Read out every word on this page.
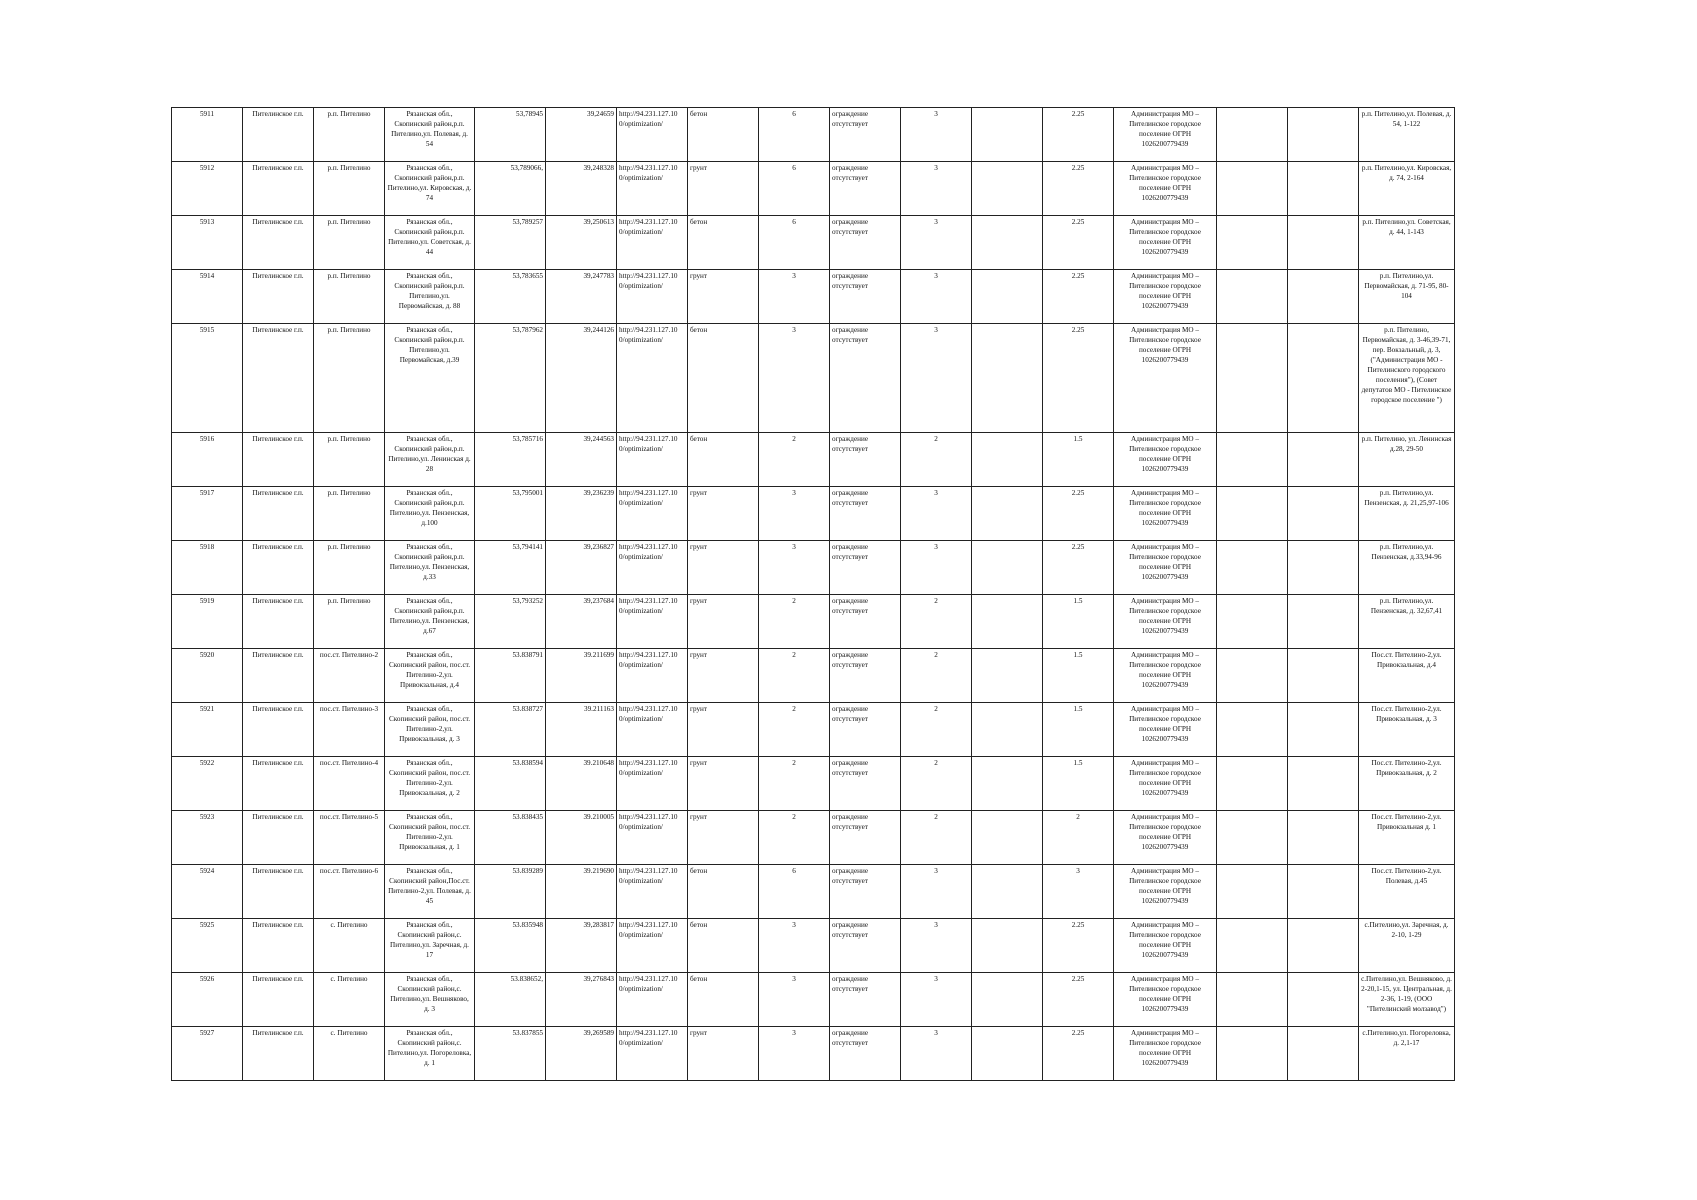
5911	Пителинское г.п.	р.п. Пителино	Рязанская обл., Скопинский район,р.п. Пителино,ул. Полевая, д. 54	53,78945	39,24659	http://94.231.127.10 0/optimization/	бетон	6	ограждение отсутствует	3		2.25	Администрация МО – Пителинское городское поселение ОГРН 1026200779439			р.п. Пителино,ул. Полевая, д. 54, 1-122
5912	Пителинское г.п.	р.п. Пителино	Рязанская обл., Скопинский район,р.п. Пителино,ул. Кировская, д. 74	53,789066,	39,248328	http://94.231.127.10 0/optimization/	грунт	6	ограждение отсутствует	3		2.25	Администрация МО – Пителинское городское поселение ОГРН 1026200779439			р.п. Пителино,ул. Кировская, д. 74, 2-164
5913	Пителинское г.п.	р.п. Пителино	Рязанская обл., Скопинский район,р.п. Пителино,ул. Советская, д. 44	53,789257	39,250613	http://94.231.127.10 0/optimization/	бетон	6	ограждение отсутствует	3		2.25	Администрация МО – Пителинское городское поселение ОГРН 1026200779439			р.п. Пителино,ул. Советская, д. 44, 1-143
5914	Пителинское г.п.	р.п. Пителино	Рязанская обл., Скопинский район,р.п. Пителино,ул. Первомайская, д. 88	53,783655	39,247783	http://94.231.127.10 0/optimization/	грунт	3	ограждение отсутствует	3		2.25	Администрация МО – Пителинское городское поселение ОГРН 1026200779439			р.п. Пителино,ул. Первомайская, д. 71-95, 80-104
5915	Пителинское г.п.	р.п. Пителино	Рязанская обл., Скопинский район,р.п. Пителино,ул. Первомайская, д.39	53,787962	39,244126	http://94.231.127.10 0/optimization/	бетон	3	ограждение отсутствует	3		2.25	Администрация МО – Пителинское городское поселение ОГРН 1026200779439			р.п. Пителино, Первомайская, д. 3-46,39-71, пер. Вокзальный, д. 3, ("Администрация МО - Пителинского городского поселения"), (Совет депутатов МО - Пителинское городское поселение ")
5916	Пителинское г.п.	р.п. Пителино	Рязанская обл., Скопинский район,р.п. Пителино,ул. Ленинская д. 28	53,785716	39,244563	http://94.231.127.10 0/optimization/	бетон	2	ограждение отсутствует	2		1.5	Администрация МО – Пителинское городское поселение ОГРН 1026200779439			р.п. Пителино, ул. Ленинская д.28, 29-50
5917	Пителинское г.п.	р.п. Пителино	Рязанская обл., Скопинский район,р.п. Пителино,ул. Пензенская, д.100	53,795001	39,236239	http://94.231.127.10 0/optimization/	грунт	3	ограждение отсутствует	3		2.25	Администрация МО – Пителинское городское поселение ОГРН 1026200779439			р.п. Пителино,ул. Пензенская, д. 21,25,97-106
5918	Пителинское г.п.	р.п. Пителино	Рязанская обл., Скопинский район,р.п. Пителино,ул. Пензенская, д.33	53,794141	39,236827	http://94.231.127.10 0/optimization/	грунт	3	ограждение отсутствует	3		2.25	Администрация МО – Пителинское городское поселение ОГРН 1026200779439			р.п. Пителино,ул. Пензенская, д.33,94-96
5919	Пителинское г.п.	р.п. Пителино	Рязанская обл., Скопинский район,р.п. Пителино,ул. Пензенская, д.67	53,793252	39,237684	http://94.231.127.10 0/optimization/	грунт	2	ограждение отсутствует	2		1.5	Администрация МО – Пителинское городское поселение ОГРН 1026200779439			р.п. Пителино,ул. Пензенская, д. 32,67,41
5920	Пителинское г.п.	пос.ст. Пителино-2	Рязанская обл., Скопинский район, пос.ст. Пителино-2,ул. Привокзальная, д.4	53.838791	39.211699	http://94.231.127.10 0/optimization/	грунт	2	ограждение отсутствует	2		1.5	Администрация МО – Пителинское городское поселение ОГРН 1026200779439			Пос.ст. Пителино-2,ул. Привокзальная, д.4
5921	Пителинское г.п.	пос.ст. Пителино-3	Рязанская обл., Скопинский район, пос.ст. Пителино-2,ул. Привокзальная, д. 3	53.838727	39.211163	http://94.231.127.10 0/optimization/	грунт	2	ограждение отсутствует	2		1.5	Администрация МО – Пителинское городское поселение ОГРН 1026200779439			Пос.ст. Пителино-2,ул. Привокзальная, д. 3
5922	Пителинское г.п.	пос.ст. Пителино-4	Рязанская обл., Скопинский район, пос.ст. Пителино-2,ул. Привокзальная, д. 2	53.838594	39.210648	http://94.231.127.10 0/optimization/	грунт	2	ограждение отсутствует	2		1.5	Администрация МО – Пителинское городское поселение ОГРН 1026200779439			Пос.ст. Пителино-2,ул. Привокзальная, д. 2
5923	Пителинское г.п.	пос.ст. Пителино-5	Рязанская обл., Скопинский район, пос.ст. Пителино-2,ул. Привокзальная, д. 1	53.838435	39.210005	http://94.231.127.10 0/optimization/	грунт	2	ограждение отсутствует	2		2	Администрация МО – Пителинское городское поселение ОГРН 1026200779439			Пос.ст. Пителино-2,ул. Привокзальная д. 1
5924	Пителинское г.п.	пос.ст. Пителино-6	Рязанская обл., Скопинский район,Пос.ст. Пителино-2,ул. Полевая, д. 45	53.839289	39.219690	http://94.231.127.10 0/optimization/	бетон	6	ограждение отсутствует	3		3	Администрация МО – Пителинское городское поселение ОГРН 1026200779439			Пос.ст. Пителино-2,ул. Полевая, д.45
5925	Пителинское г.п.	с. Пителино	Рязанская обл., Скопинский район,с. Пителино,ул. Заречная, д. 17	53.835948	39,283817	http://94.231.127.10 0/optimization/	бетон	3	ограждение отсутствует	3		2.25	Администрация МО – Пителинское городское поселение ОГРН 1026200779439			с.Пителино,ул. Заречная, д. 2-10, 1-29
5926	Пителинское г.п.	с. Пителино	Рязанская обл., Скопинский район,с. Пителино,ул. Вешняково, д. 3	53.838652,	39,276843	http://94.231.127.10 0/optimization/	бетон	3	ограждение отсутствует	3		2.25	Администрация МО – Пителинское городское поселение ОГРН 1026200779439			с.Пителино,ул. Вешняково, д. 2-20,1-15, ул. Центральная, д. 2-36, 1-19, (ООО "Пителинский молзавод")
5927	Пителинское г.п.	с. Пителино	Рязанская обл., Скопинский район,с. Пителино,ул. Погореловка, д. 1	53.837855	39,269589	http://94.231.127.10 0/optimization/	грунт	3	ограждение отсутствует	3		2.25	Администрация МО – Пителинское городское поселение ОГРН 1026200779439			с.Пителино,ул. Погореловка, д. 2,1-17
